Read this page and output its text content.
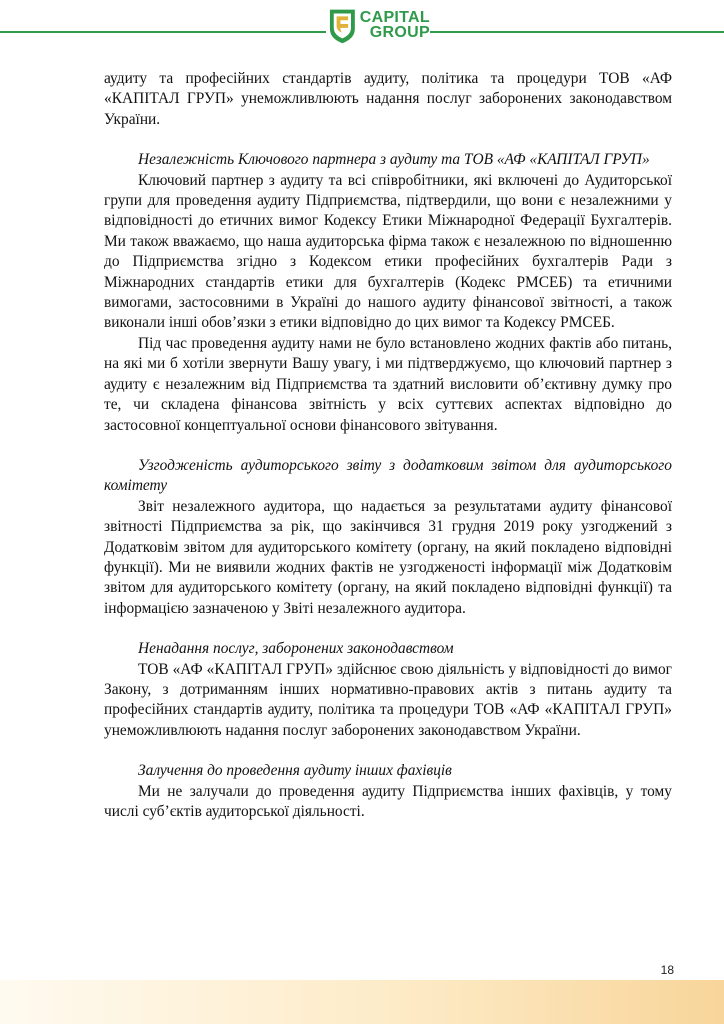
CAPITAL
GROUP

аудиту та професійних стандартів аудиту, політика та процедури ТОВ «АФ «КАПІТАЛ ГРУП» унеможливлюють надання послуг заборонених законодавством України.

Незалежність Ключового партнера з аудиту та ТОВ «АФ «КАПІТАЛ ГРУП»

Ключовий партнер з аудиту та всі співробітники, які включені до Аудиторської групи для проведення аудиту Підприємства, підтвердили, що вони є незалежними у відповідності до етичних вимог Кодексу Етики Міжнародної Федерації Бухгалтерів. Ми також вважаємо, що наша аудиторська фірма також є незалежною по відношенню до Підприємства згідно з Кодексом етики професійних бухгалтерів Ради з Міжнародних стандартів етики для бухгалтерів (Кодекс РМСЕБ) та етичними вимогами, застосовними в Україні до нашого аудиту фінансової звітності, а також виконали інші обов’язки з етики відповідно до цих вимог та Кодексу РМСЕБ.

Під час проведення аудиту нами не було встановлено жодних фактів або питань, на які ми б хотіли звернути Вашу увагу, і ми підтверджуємо, що ключовий партнер з аудиту є незалежним від Підприємства та здатний висловити об’єктивну думку про те, чи складена фінансова звітність у всіх суттєвих аспектах відповідно до застосовної концептуальної основи фінансового звітування.

Узгодженість аудиторського звіту з додатковим звітом для аудиторського комітету

Звіт незалежного аудитора, що надається за результатами аудиту фінансової звітності Підприємства за рік, що закінчився 31 грудня 2019 року узгоджений з Додатковім звітом для аудиторського комітету (органу, на який покладено відповідні функції). Ми не виявили жодних фактів не узгодженості інформації між Додатковім звітом для аудиторського комітету (органу, на який покладено відповідні функції) та інформацією зазначеною у Звіті незалежного аудитора.

Ненадання послуг, заборонених законодавством

ТОВ «АФ «КАПІТАЛ ГРУП» здійснює свою діяльність у відповідності до вимог Закону, з дотриманням інших нормативно-правових актів з питань аудиту та професійних стандартів аудиту, політика та процедури ТОВ «АФ «КАПІТАЛ ГРУП» унеможливлюють надання послуг заборонених законодавством України.

Залучення до проведення аудиту інших фахівців

Ми не залучали до проведення аудиту Підприємства інших фахівців, у тому числі суб’єктів аудиторської діяльності.

18
